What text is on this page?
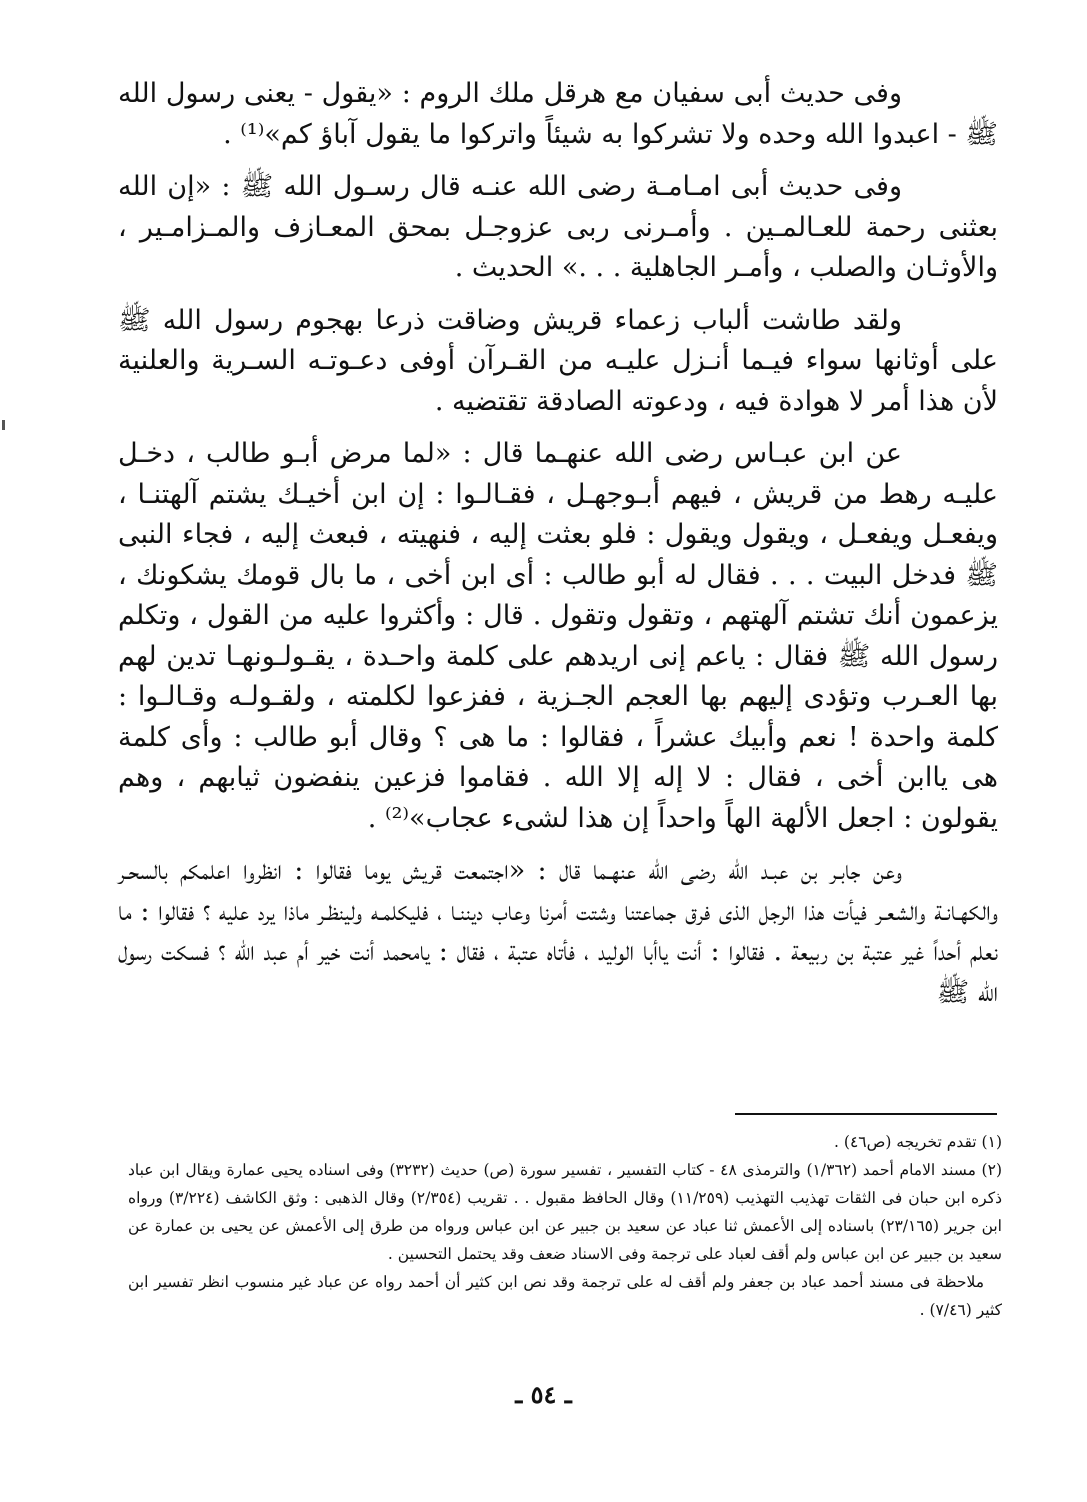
وفى حديث أبى سفيان مع هرقل ملك الروم : «يقول - يعنى رسول الله ﷺ - اعبدوا الله وحده ولا تشركوا به شيئاً واتركوا ما يقول آباؤ كم»⁽¹⁾ .

وفى حديث أبى امـامـة رضى الله عنـه قال رسـول الله ﷺ : «إن الله بعثنى رحمة للعـالمـين . وأمـرنى ربى عزوجـل بمحق المعـازف والمـزامـير ، والأوثـان والصلب ، وأمـر الجاهلية . . .» الحديث .

ولقد طاشت ألباب زعماء قريش وضاقت ذرعا بهجوم رسول الله ﷺ على أوثانها سواء فيـما أنـزل عليـه من القـرآن أوفى دعـوتـه السـرية والعلنية لأن هذا أمر لا هوادة فيه ، ودعوته الصادقة تقتضيه .

عن ابن عبـاس رضى الله عنهـما قال : «لما مرض أبـو طالب ، دخـل عليـه رهط من قريش ، فيهم أبـوجهـل ، فقـالـوا : إن ابن أخيـك يشتم آلهتنـا ، ويفعـل ويفعـل ، ويقول ويقول : فلو بعثت إليه ، فنهيته ، فبعث إليه ، فجاء النبى ﷺ فدخل البيت . . . فقال له أبو طالب : أى ابن أخى ، ما بال قومك يشكونك ، يزعمون أنك تشتم آلهتهم ، وتقول وتقول . قال : وأكثروا عليه من القول ، وتكلم رسول الله ﷺ فقال : ياعم إنى اريدهم على كلمة واحـدة ، يقـولـونهـا تدين لهم بها العـرب وتؤدى إليهم بها العجم الجـزية ، ففزعوا لكلمته ، ولقـولـه وقـالـوا : كلمة واحدة ! نعم وأبيك عشراً ، فقالوا : ما هى ؟ وقال أبو طالب : وأى كلمة هى ياابن أخى ، فقال : لا إله إلا الله . فقاموا فزعين ينفضون ثيابهم ، وهم يقولون : اجعل الألهة الهاً واحداً إن هذا لشىء عجاب»⁽²⁾ .

وعن جابـر بن عبـد الله رضى الله عنهـما قال : «اجتمعت قريش يوما فقالوا : انظروا اعلمكم بالسحـر والكهـانـة والشعـر فيأت هذا الرجل الذى فرق جماعتنا وشتت أمرنا وعاب ديننـا ، فليكلمـه ولينظـر ماذا يرد عليه ؟ فقالوا : ما نعلم أحداً غير عتبة بن ربيعة . فقالوا : أنت ياأبا الوليد ، فأتاه عتبة ، فقال : يامحمد أنت خير أم عبد الله ؟ فسكت رسول الله ﷺ

(١) تقدم تخريجه (ص٤٦) .

(٢) مسند الامام أحمد (١/٣٦٢) والترمذى ٤٨ - كتاب التفسير ، تفسير سورة (ص) حديث (٣٢٣٢) وفى اسناده يحيى عمارة ويقال ابن عباد ذكره ابن حبان فى الثقات تهذيب التهذيب (١١/٢٥٩) وقال الحافظ مقبول . . تقريب (٢/٣٥٤) وقال الذهبى : وثق الكاشف (٣/٢٢٤) ورواه ابن جرير (٢٣/١٦٥) باسناده إلى الأعمش ثنا عباد عن سعيد بن جبير عن ابن عباس ورواه من طرق إلى الأعمش عن يحيى بن عمارة عن سعيد بن جبير عن ابن عباس ولم أقف لعباد على ترجمة وفى الاسناد ضعف وقد يحتمل التحسين .

ملاحظة فى مسند أحمد عباد بن جعفر ولم أقف له على ترجمة وقد نص ابن كثير أن أحمد رواه عن عباد غير منسوب انظر تفسير ابن كثير (٧/٤٦) .

ـ ٥٤ ـ
